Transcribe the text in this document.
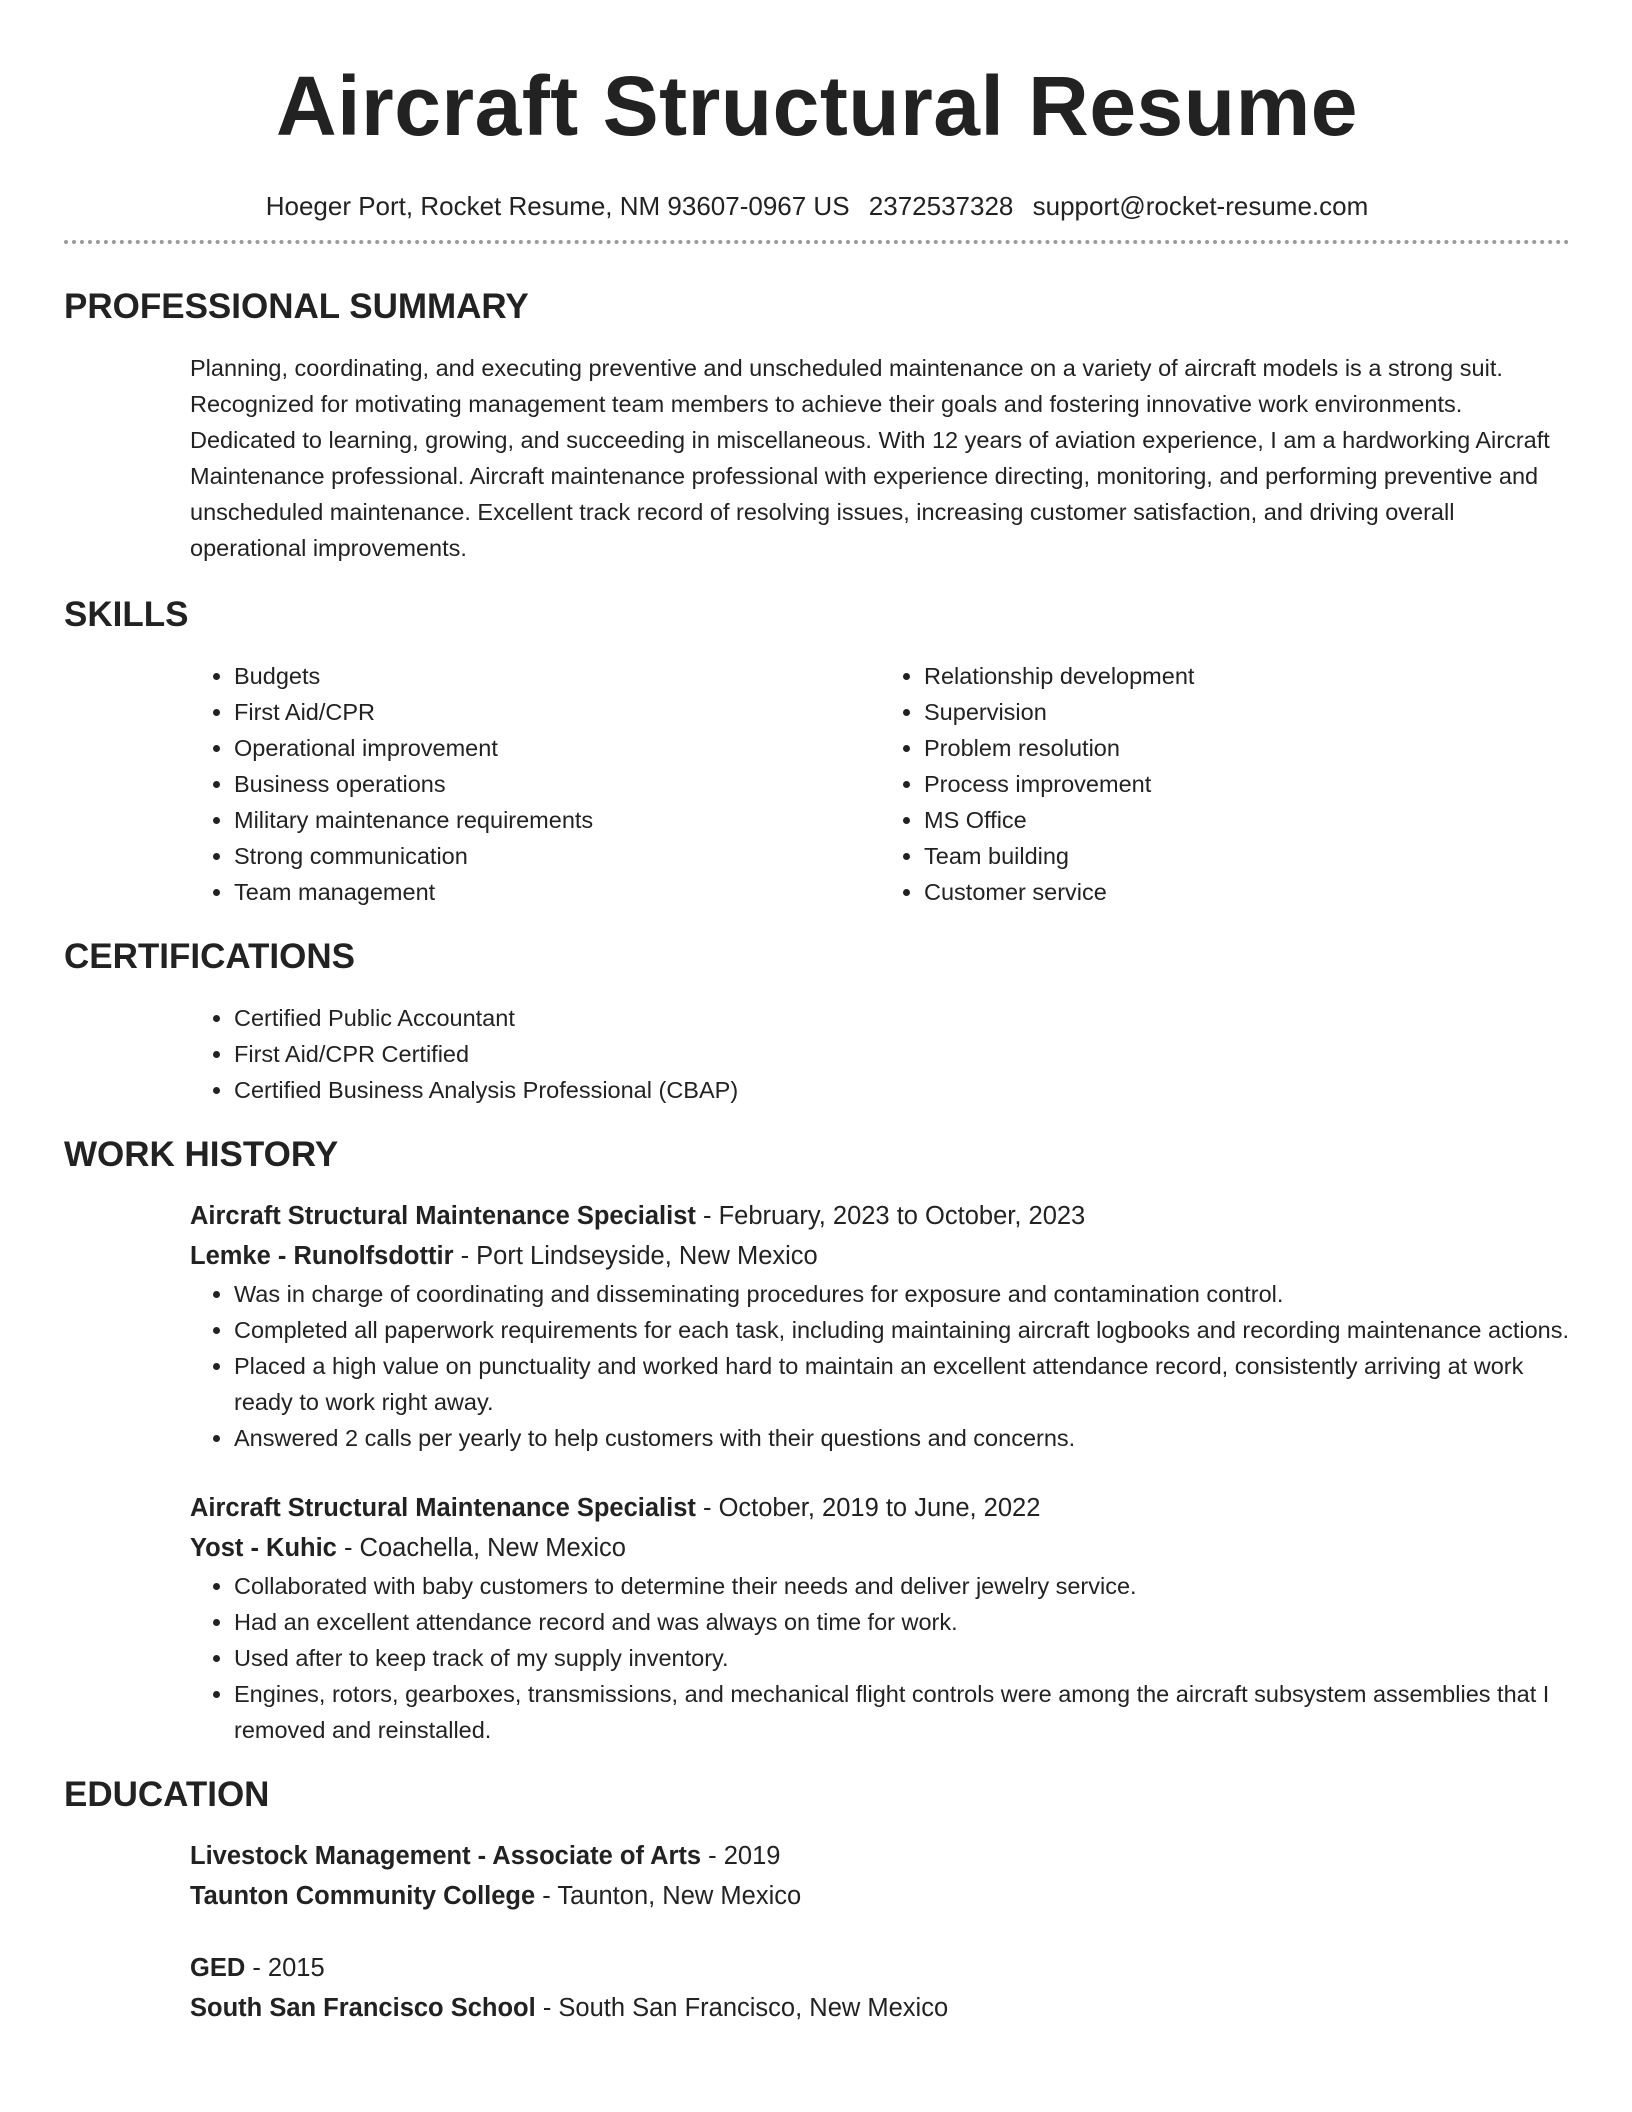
Aircraft Structural Resume
Hoeger Port, Rocket Resume, NM 93607-0967 US 2372537328 support@rocket-resume.com
PROFESSIONAL SUMMARY
Planning, coordinating, and executing preventive and unscheduled maintenance on a variety of aircraft models is a strong suit. Recognized for motivating management team members to achieve their goals and fostering innovative work environments. Dedicated to learning, growing, and succeeding in miscellaneous. With 12 years of aviation experience, I am a hardworking Aircraft Maintenance professional. Aircraft maintenance professional with experience directing, monitoring, and performing preventive and unscheduled maintenance. Excellent track record of resolving issues, increasing customer satisfaction, and driving overall operational improvements.
SKILLS
• Budgets
• First Aid/CPR
• Operational improvement
• Business operations
• Military maintenance requirements
• Strong communication
• Team management
• Relationship development
• Supervision
• Problem resolution
• Process improvement
• MS Office
• Team building
• Customer service
CERTIFICATIONS
• Certified Public Accountant
• First Aid/CPR Certified
• Certified Business Analysis Professional (CBAP)
WORK HISTORY
Aircraft Structural Maintenance Specialist - February, 2023 to October, 2023
Lemke - Runolfsdottir - Port Lindseyside, New Mexico
• Was in charge of coordinating and disseminating procedures for exposure and contamination control.
• Completed all paperwork requirements for each task, including maintaining aircraft logbooks and recording maintenance actions.
• Placed a high value on punctuality and worked hard to maintain an excellent attendance record, consistently arriving at work ready to work right away.
• Answered 2 calls per yearly to help customers with their questions and concerns.
Aircraft Structural Maintenance Specialist - October, 2019 to June, 2022
Yost - Kuhic - Coachella, New Mexico
• Collaborated with baby customers to determine their needs and deliver jewelry service.
• Had an excellent attendance record and was always on time for work.
• Used after to keep track of my supply inventory.
• Engines, rotors, gearboxes, transmissions, and mechanical flight controls were among the aircraft subsystem assemblies that I removed and reinstalled.
EDUCATION
Livestock Management - Associate of Arts - 2019
Taunton Community College - Taunton, New Mexico
GED - 2015
South San Francisco School - South San Francisco, New Mexico
